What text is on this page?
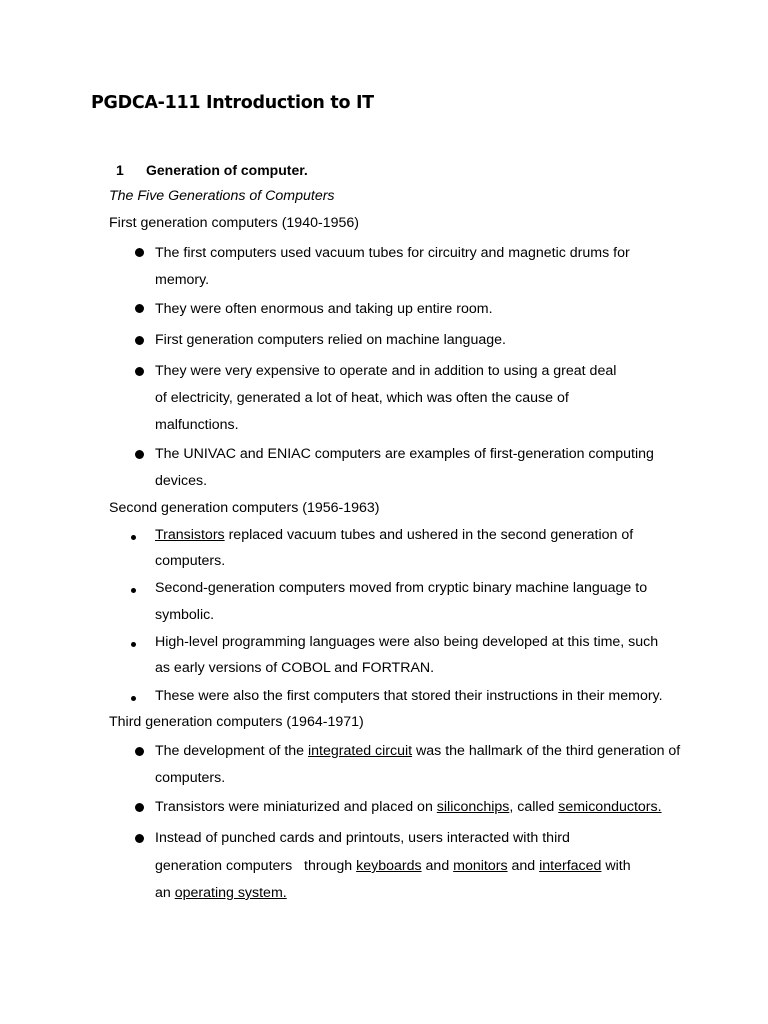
PGDCA-111 Introduction to IT
1 Generation of computer.
The Five Generations of Computers
First generation computers (1940-1956)
The first computers used vacuum tubes for circuitry and magnetic drums for
memory.
They were often enormous and taking up entire room.
First generation computers relied on machine language.
They were very expensive to operate and in addition to using a great deal
of electricity, generated a lot of heat, which was often the cause of
malfunctions.
The UNIVAC and ENIAC computers are examples of first-generation computing
devices.
Second generation computers (1956-1963)
Transistors replaced vacuum tubes and ushered in the second generation of
computers.
Second-generation computers moved from cryptic binary machine language to
symbolic.
High-level programming languages were also being developed at this time, such
as early versions of COBOL and FORTRAN.
These were also the first computers that stored their instructions in their memory.
Third generation computers (1964-1971)
The development of the integrated circuit was the hallmark of the third generation of
computers.
Transistors were miniaturized and placed on siliconchips, called semiconductors.
Instead of punched cards and printouts, users interacted with third
generation computers   through keyboards and monitors and interfaced with
an operating system.
